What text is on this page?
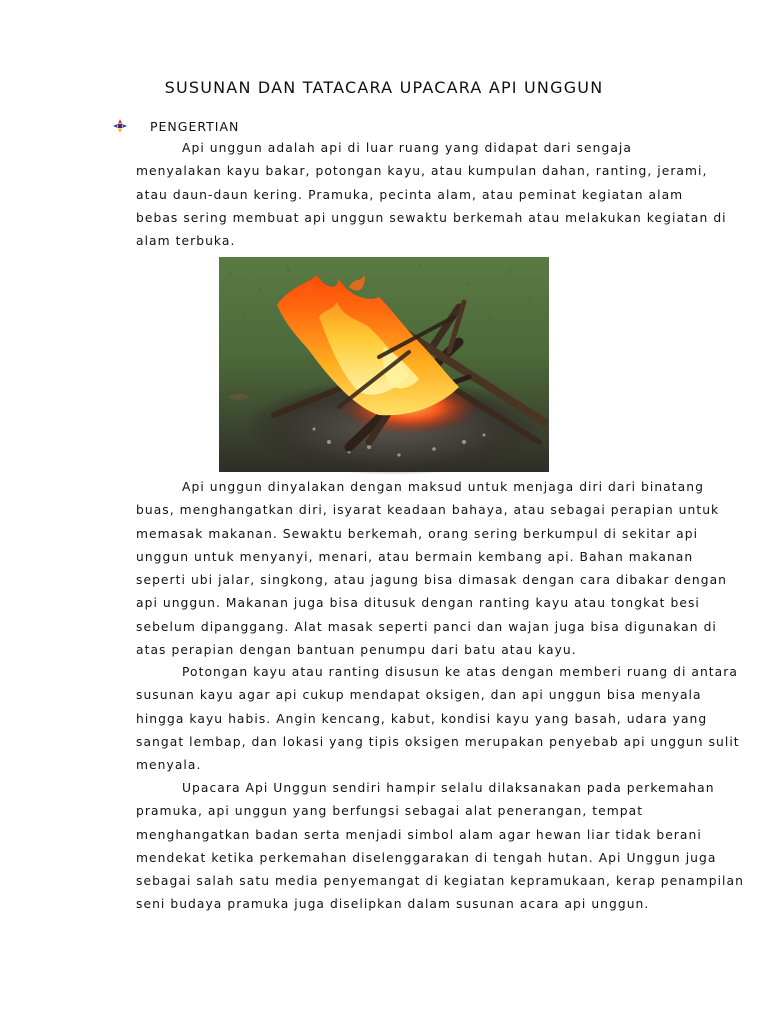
SUSUNAN DAN TATACARA UPACARA API UNGGUN
PENGERTIAN
Api unggun adalah api di luar ruang yang didapat dari sengaja
menyalakan kayu bakar, potongan kayu, atau kumpulan dahan, ranting, jerami,
atau daun-daun kering. Pramuka, pecinta alam, atau peminat kegiatan alam
bebas sering membuat api unggun sewaktu berkemah atau melakukan kegiatan di
alam terbuka.
Api unggun dinyalakan dengan maksud untuk menjaga diri dari binatang
buas, menghangatkan diri, isyarat keadaan bahaya, atau sebagai perapian untuk
memasak makanan. Sewaktu berkemah, orang sering berkumpul di sekitar api
unggun untuk menyanyi, menari, atau bermain kembang api. Bahan makanan
seperti ubi jalar, singkong, atau jagung bisa dimasak dengan cara dibakar dengan
api unggun. Makanan juga bisa ditusuk dengan ranting kayu atau tongkat besi
sebelum dipanggang. Alat masak seperti panci dan wajan juga bisa digunakan di
atas perapian dengan bantuan penumpu dari batu atau kayu.
Potongan kayu atau ranting disusun ke atas dengan memberi ruang di antara
susunan kayu agar api cukup mendapat oksigen, dan api unggun bisa menyala
hingga kayu habis. Angin kencang, kabut, kondisi kayu yang basah, udara yang
sangat lembap, dan lokasi yang tipis oksigen merupakan penyebab api unggun sulit
menyala.
Upacara Api Unggun sendiri hampir selalu dilaksanakan pada perkemahan
pramuka, api unggun yang berfungsi sebagai alat penerangan, tempat
menghangatkan badan serta menjadi simbol alam agar hewan liar tidak berani
mendekat ketika perkemahan diselenggarakan di tengah hutan. Api Unggun juga
sebagai salah satu media penyemangat di kegiatan kepramukaan, kerap penampilan
seni budaya pramuka juga diselipkan dalam susunan acara api unggun.
